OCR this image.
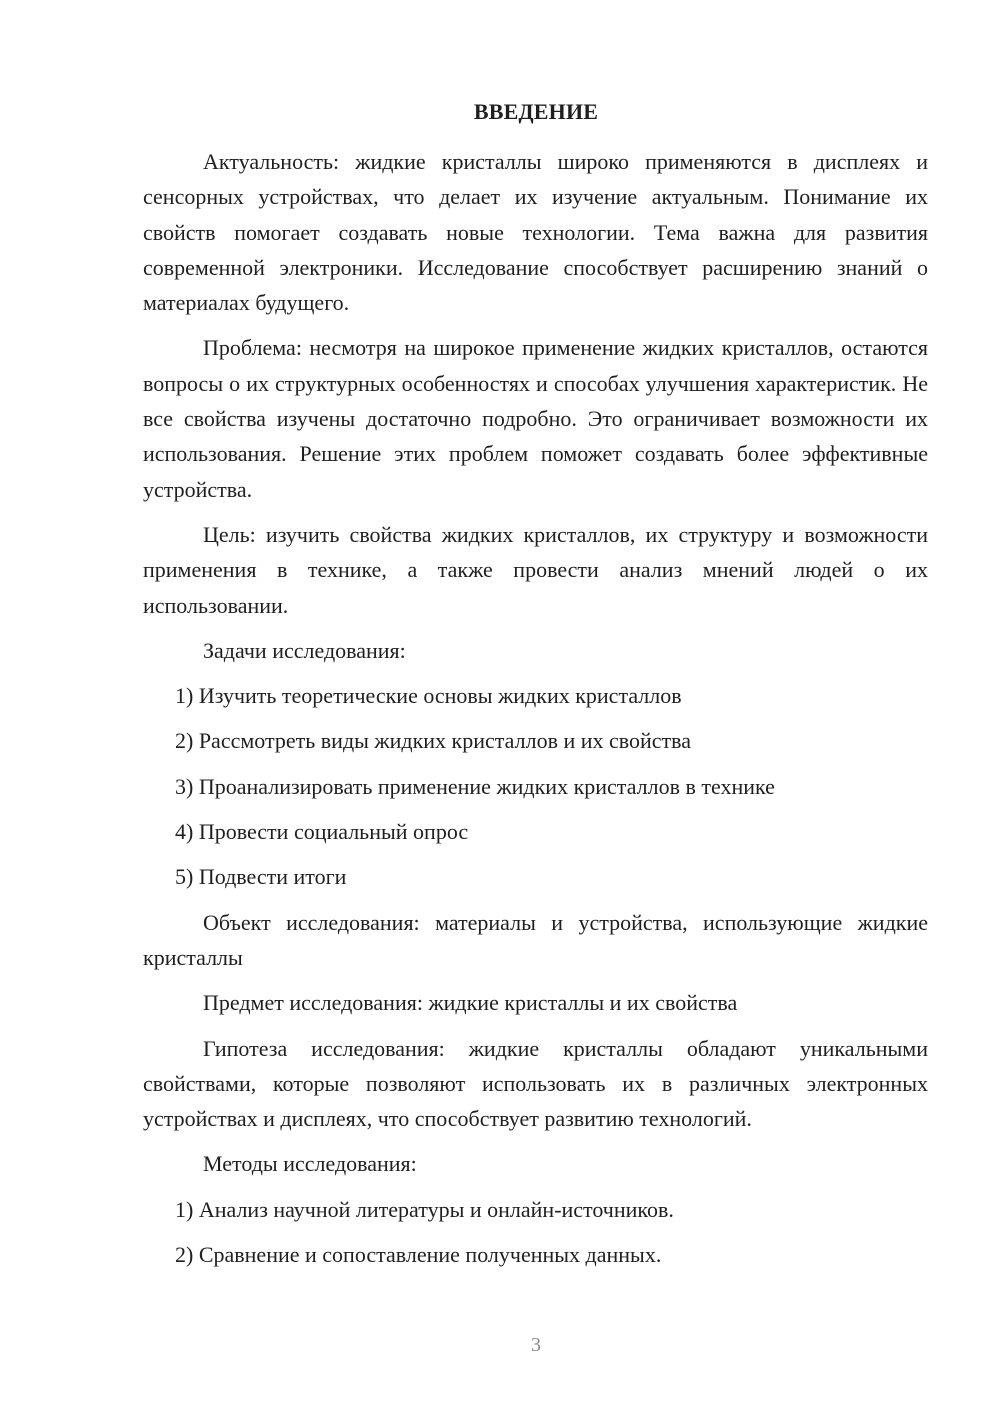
ВВЕДЕНИЕ

Актуальность: жидкие кристаллы широко применяются в дисплеях и сенсорных устройствах, что делает их изучение актуальным. Понимание их свойств помогает создавать новые технологии. Тема важна для развития современной электроники. Исследование способствует расширению знаний о материалах будущего.

Проблема: несмотря на широкое применение жидких кристаллов, остаются вопросы о их структурных особенностях и способах улучшения характеристик. Не все свойства изучены достаточно подробно. Это ограничивает возможности их использования. Решение этих проблем поможет создавать более эффективные устройства.

Цель: изучить свойства жидких кристаллов, их структуру и возможности применения в технике, а также провести анализ мнений людей о их использовании.

Задачи исследования:

1) Изучить теоретические основы жидких кристаллов

2) Рассмотреть виды жидких кристаллов и их свойства

3) Проанализировать применение жидких кристаллов в технике

4) Провести социальный опрос

5) Подвести итоги

Объект исследования: материалы и устройства, использующие жидкие кристаллы

Предмет исследования: жидкие кристаллы и их свойства

Гипотеза исследования: жидкие кристаллы обладают уникальными свойствами, которые позволяют использовать их в различных электронных устройствах и дисплеях, что способствует развитию технологий.

Методы исследования:

1) Анализ научной литературы и онлайн-источников.

2) Сравнение и сопоставление полученных данных.

3
